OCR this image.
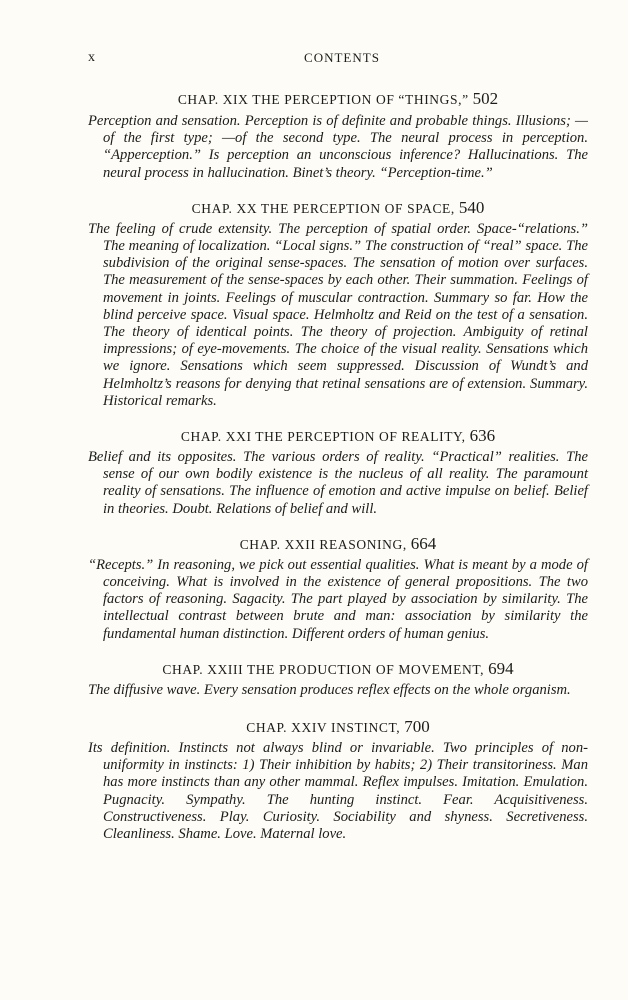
x	CONTENTS
CHAP. XIX THE PERCEPTION OF “THINGS,” 502

Perception and sensation. Perception is of definite and probable things. Illusions; —of the first type; —of the second type. The neural process in perception. “Apperception.” Is perception an unconscious inference? Hallucinations. The neural process in hallucination. Binet’s theory. “Perception-time.”

CHAP. XX THE PERCEPTION OF SPACE, 540

The feeling of crude extensity. The perception of spatial order. Space-“relations.” The meaning of localization. “Local signs.” The construction of “real” space. The subdivision of the original sense-spaces. The sensation of motion over surfaces. The measurement of the sense-spaces by each other. Their summation. Feelings of movement in joints. Feelings of muscular contraction. Summary so far. How the blind perceive space. Visual space. Helmholtz and Reid on the test of a sensation. The theory of identical points. The theory of projection. Ambiguity of retinal impressions; of eye-movements. The choice of the visual reality. Sensations which we ignore. Sensations which seem suppressed. Discussion of Wundt’s and Helmholtz’s reasons for denying that retinal sensations are of extension. Summary. Historical remarks.

CHAP. XXI THE PERCEPTION OF REALITY, 636

Belief and its opposites. The various orders of reality. “Practical” realities. The sense of our own bodily existence is the nucleus of all reality. The paramount reality of sensations. The influence of emotion and active impulse on belief. Belief in theories. Doubt. Relations of belief and will.

CHAP. XXII REASONING, 664

“Recepts.” In reasoning, we pick out essential qualities. What is meant by a mode of conceiving. What is involved in the existence of general propositions. The two factors of reasoning. Sagacity. The part played by association by similarity. The intellectual contrast between brute and man: association by similarity the fundamental human distinction. Different orders of human genius.

CHAP. XXIII THE PRODUCTION OF MOVEMENT, 694

The diffusive wave. Every sensation produces reflex effects on the whole organism.

CHAP. XXIV INSTINCT, 700

Its definition. Instincts not always blind or invariable. Two principles of non-uniformity in instincts: 1) Their inhibition by habits; 2) Their transitoriness. Man has more instincts than any other mammal. Reflex impulses. Imitation. Emulation. Pugnacity. Sympathy. The hunting instinct. Fear. Acquisitiveness. Constructiveness. Play. Curiosity. Sociability and shyness. Secretiveness. Cleanliness. Shame. Love. Maternal love.
